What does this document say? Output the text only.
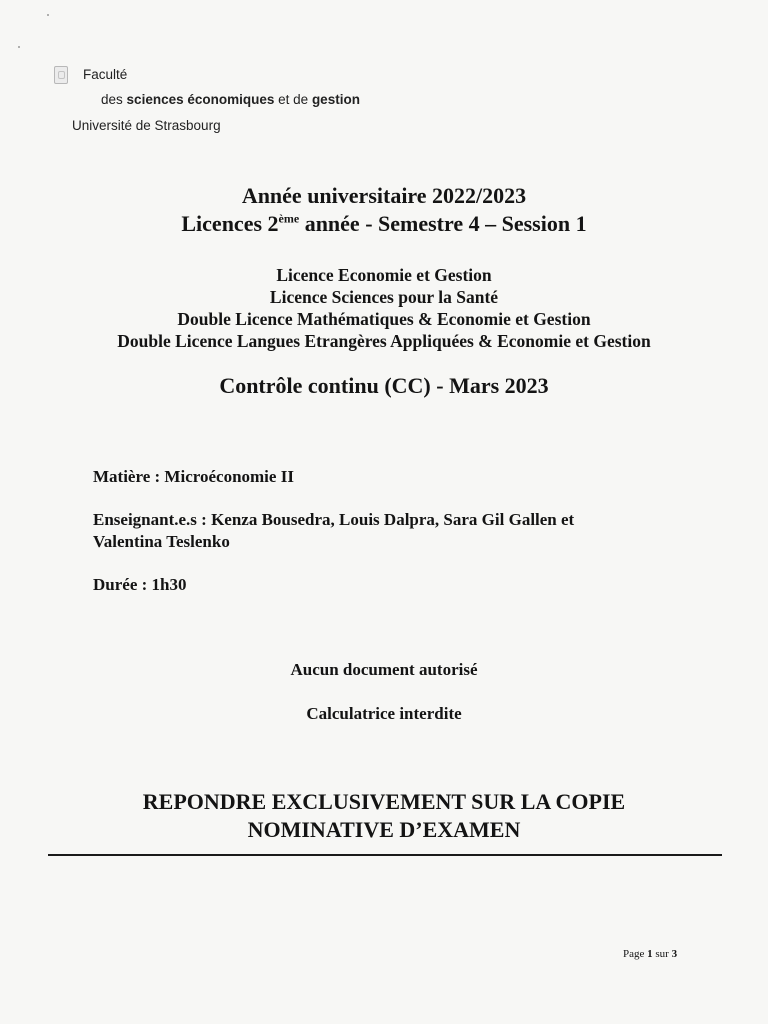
Faculté
des sciences économiques et de gestion
Université de Strasbourg
Année universitaire 2022/2023
Licences 2ème année - Semestre 4 – Session 1
Licence Economie et Gestion
Licence Sciences pour la Santé
Double Licence Mathématiques & Economie et Gestion
Double Licence Langues Etrangères Appliquées & Economie et Gestion
Contrôle continu (CC) - Mars 2023
Matière : Microéconomie II
Enseignant.e.s : Kenza Bousedra, Louis Dalpra, Sara Gil Gallen et
Valentina Teslenko
Durée : 1h30
Aucun document autorisé
Calculatrice interdite
REPONDRE EXCLUSIVEMENT SUR LA COPIE
NOMINATIVE D’EXAMEN
Page 1 sur 3
